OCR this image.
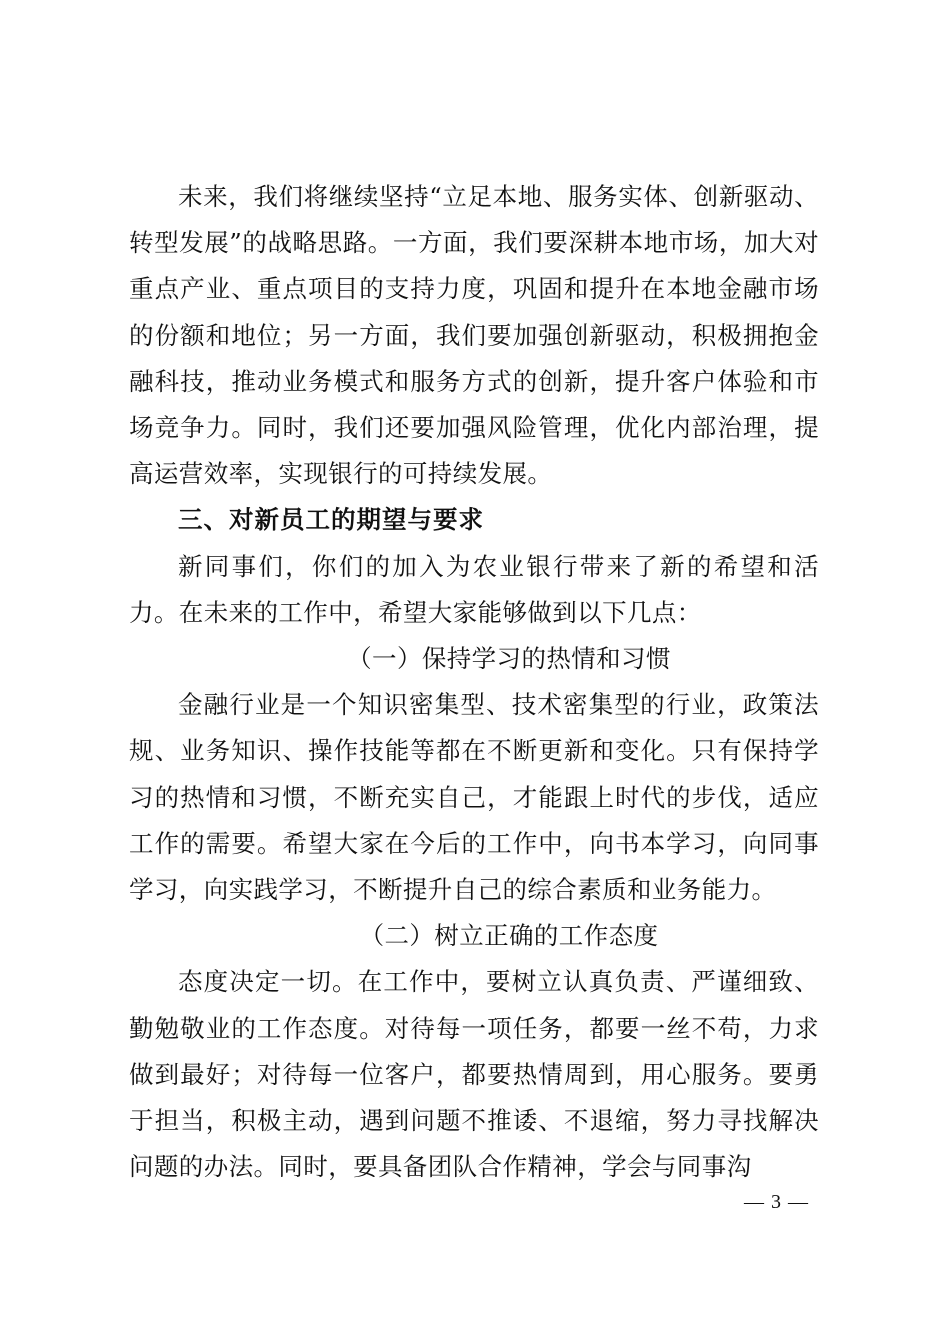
未来，我们将继续坚持“立足本地、服务实体、创新驱动、转型发展”的战略思路。一方面，我们要深耕本地市场，加大对重点产业、重点项目的支持力度，巩固和提升在本地金融市场的份额和地位；另一方面，我们要加强创新驱动，积极拥抱金融科技，推动业务模式和服务方式的创新，提升客户体验和市场竞争力。同时，我们还要加强风险管理，优化内部治理，提高运营效率，实现银行的可持续发展。

三、对新员工的期望与要求

新同事们，你们的加入为农业银行带来了新的希望和活力。在未来的工作中，希望大家能够做到以下几点：

（一）保持学习的热情和习惯

金融行业是一个知识密集型、技术密集型的行业，政策法规、业务知识、操作技能等都在不断更新和变化。只有保持学习的热情和习惯，不断充实自己，才能跟上时代的步伐，适应工作的需要。希望大家在今后的工作中，向书本学习，向同事学习，向实践学习，不断提升自己的综合素质和业务能力。

（二）树立正确的工作态度

态度决定一切。在工作中，要树立认真负责、严谨细致、勤勉敬业的工作态度。对待每一项任务，都要一丝不苟，力求做到最好；对待每一位客户，都要热情周到，用心服务。要勇于担当，积极主动，遇到问题不推诿、不退缩，努力寻找解决问题的办法。同时，要具备团队合作精神，学会与同事沟

— 3 —
